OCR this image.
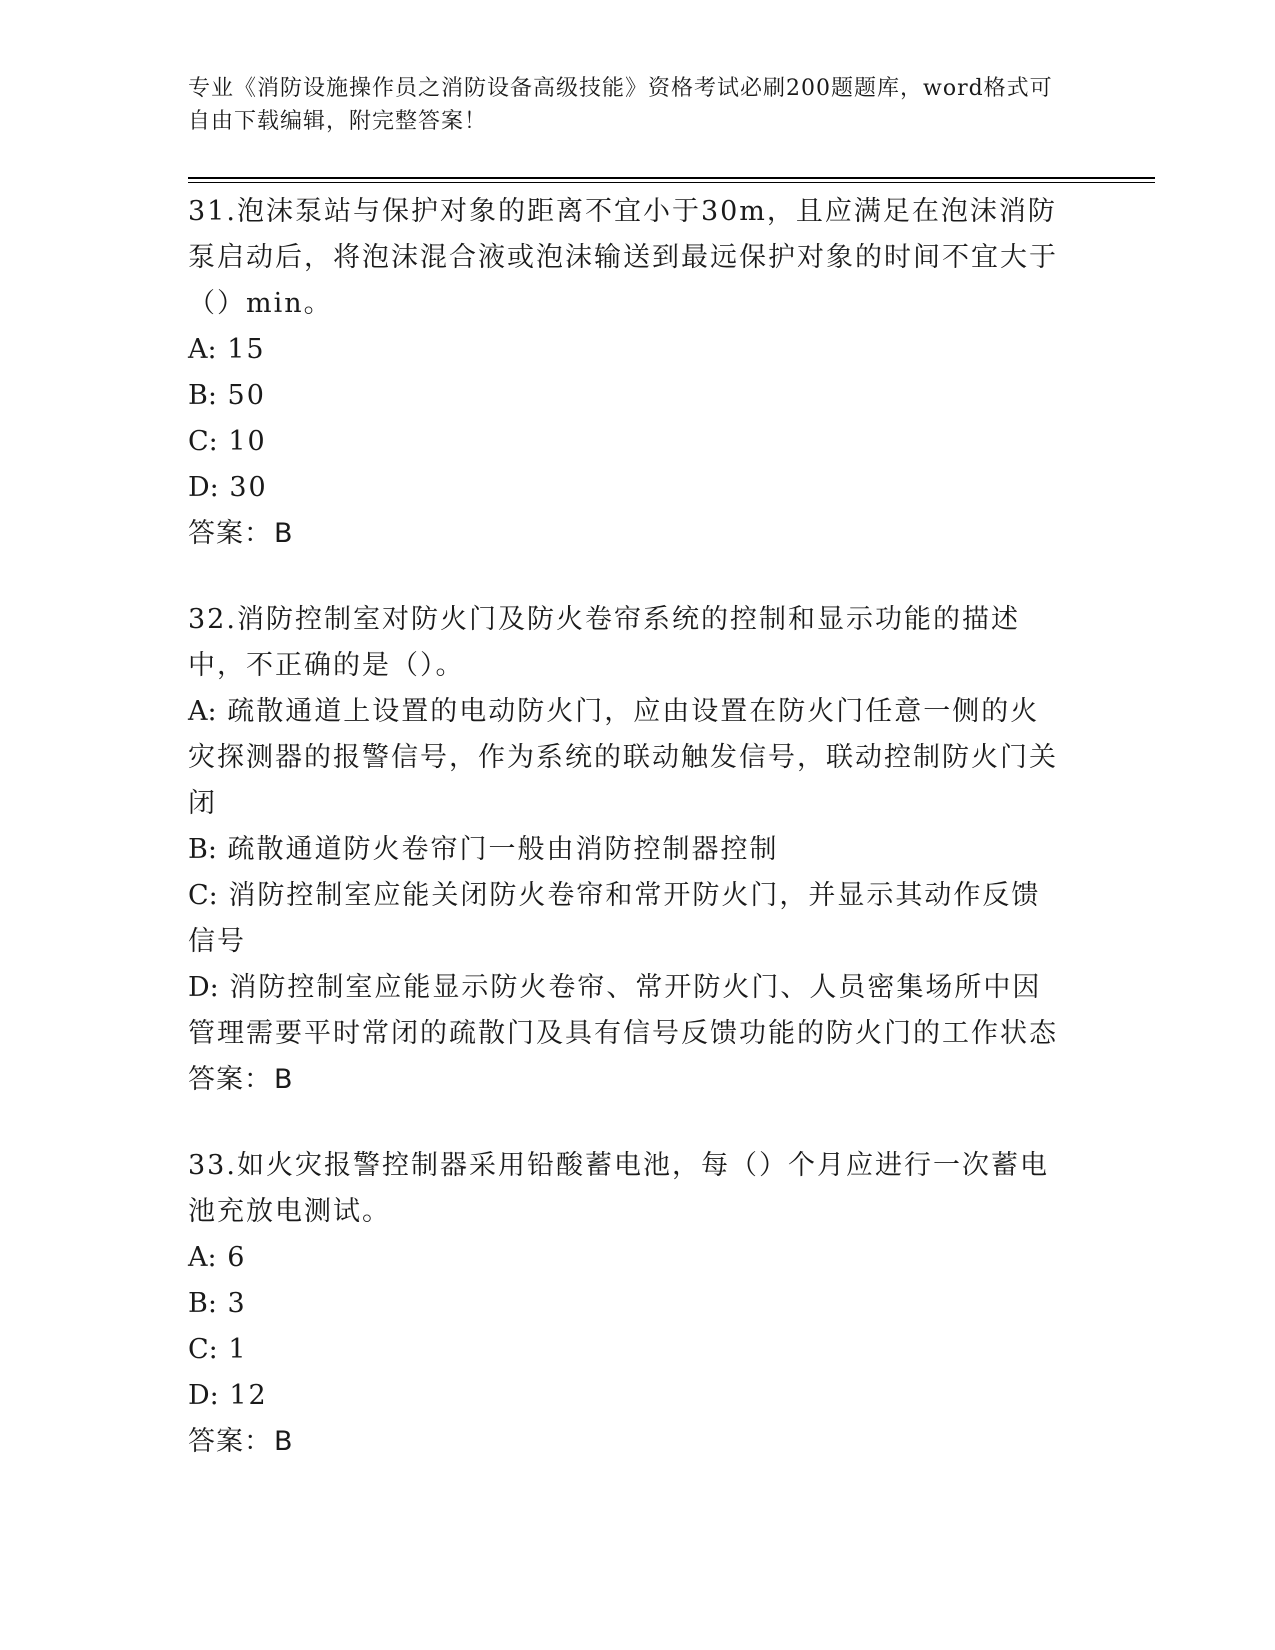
专业《消防设施操作员之消防设备高级技能》资格考试必刷200题题库，word格式可自由下载编辑，附完整答案！

31.泡沫泵站与保护对象的距离不宜小于30m，且应满足在泡沫消防泵启动后，将泡沫混合液或泡沫输送到最远保护对象的时间不宜大于（）min。

A: 15

B: 50

C: 10

D: 30

答案：B

32.消防控制室对防火门及防火卷帘系统的控制和显示功能的描述中，不正确的是（）。

A: 疏散通道上设置的电动防火门，应由设置在防火门任意一侧的火灾探测器的报警信号，作为系统的联动触发信号，联动控制防火门关闭

B: 疏散通道防火卷帘门一般由消防控制器控制

C: 消防控制室应能关闭防火卷帘和常开防火门，并显示其动作反馈信号

D: 消防控制室应能显示防火卷帘、常开防火门、人员密集场所中因管理需要平时常闭的疏散门及具有信号反馈功能的防火门的工作状态

答案：B

33.如火灾报警控制器采用铅酸蓄电池，每（）个月应进行一次蓄电池充放电测试。

A: 6

B: 3

C: 1

D: 12

答案：B
